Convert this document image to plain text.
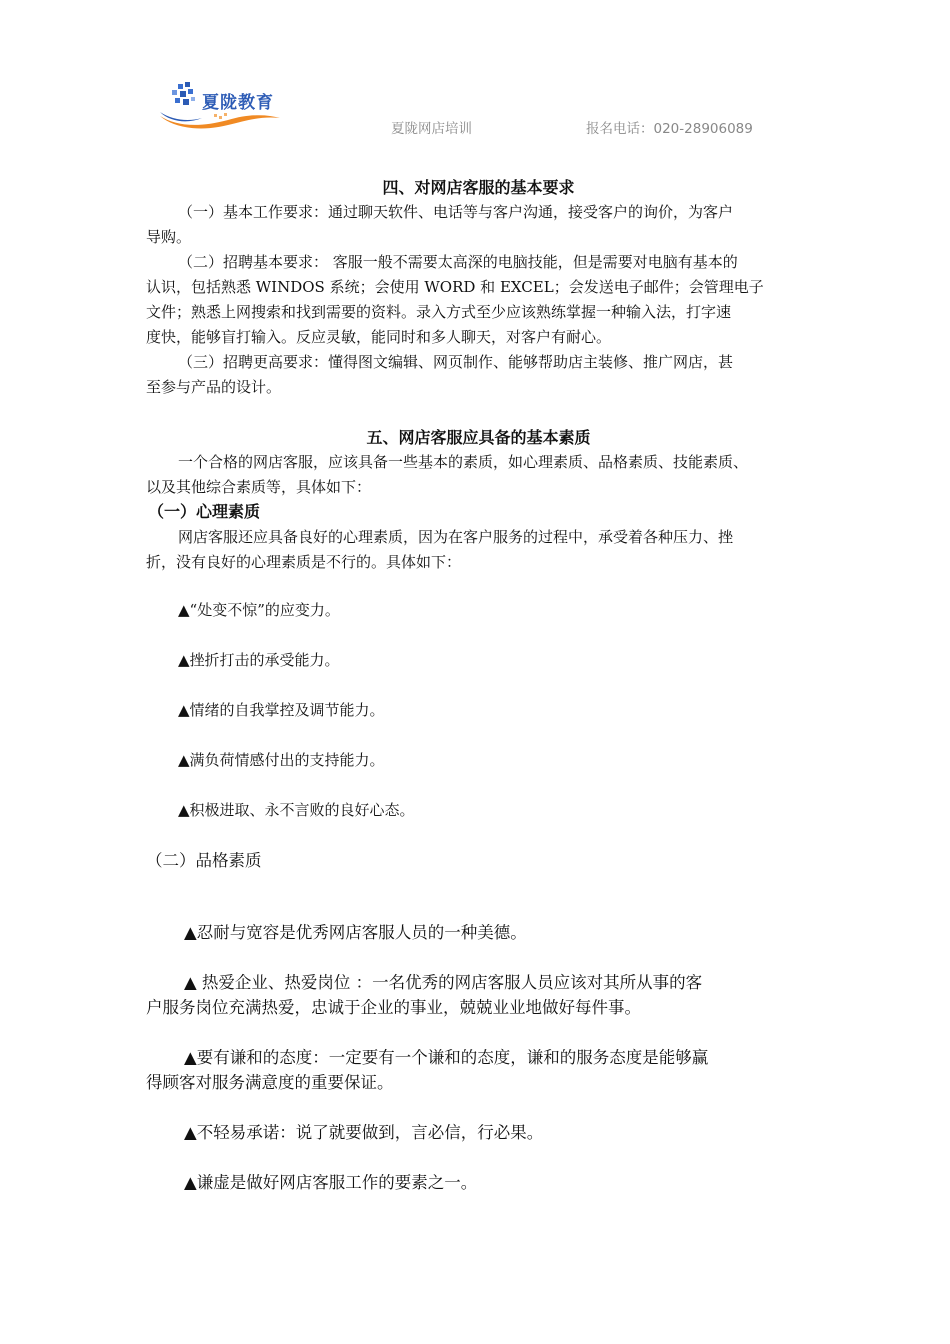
夏陇教育
夏陇网店培训	报名电话：020-28906089

四、对网店客服的基本要求

（一）基本工作要求：通过聊天软件、电话等与客户沟通，接受客户的询价，为客户

导购。

（二）招聘基本要求： 客服一般不需要太高深的电脑技能，但是需要对电脑有基本的

认识，包括熟悉 WINDOS 系统；会使用 WORD 和 EXCEL；会发送电子邮件；会管理电子

文件；熟悉上网搜索和找到需要的资料。录入方式至少应该熟练掌握一种输入法，打字速

度快，能够盲打输入。反应灵敏，能同时和多人聊天，对客户有耐心。

（三）招聘更高要求：懂得图文编辑、网页制作、能够帮助店主装修、推广网店，甚

至参与产品的设计。

五、网店客服应具备的基本素质

一个合格的网店客服，应该具备一些基本的素质，如心理素质、品格素质、技能素质、

以及其他综合素质等，具体如下：

（一）心理素质

网店客服还应具备良好的心理素质，因为在客户服务的过程中，承受着各种压力、挫

折，没有良好的心理素质是不行的。具体如下：

▲“处变不惊”的应变力。

▲挫折打击的承受能力。

▲情绪的自我掌控及调节能力。

▲满负荷情感付出的支持能力。

▲积极进取、永不言败的良好心态。

（二）品格素质

▲忍耐与宽容是优秀网店客服人员的一种美德。

▲ 热爱企业、热爱岗位 ：一名优秀的网店客服人员应该对其所从事的客

户服务岗位充满热爱，忠诚于企业的事业，兢兢业业地做好每件事。

▲要有谦和的态度：一定要有一个谦和的态度，谦和的服务态度是能够赢

得顾客对服务满意度的重要保证。

▲不轻易承诺：说了就要做到，言必信，行必果。

▲谦虚是做好网店客服工作的要素之一。
